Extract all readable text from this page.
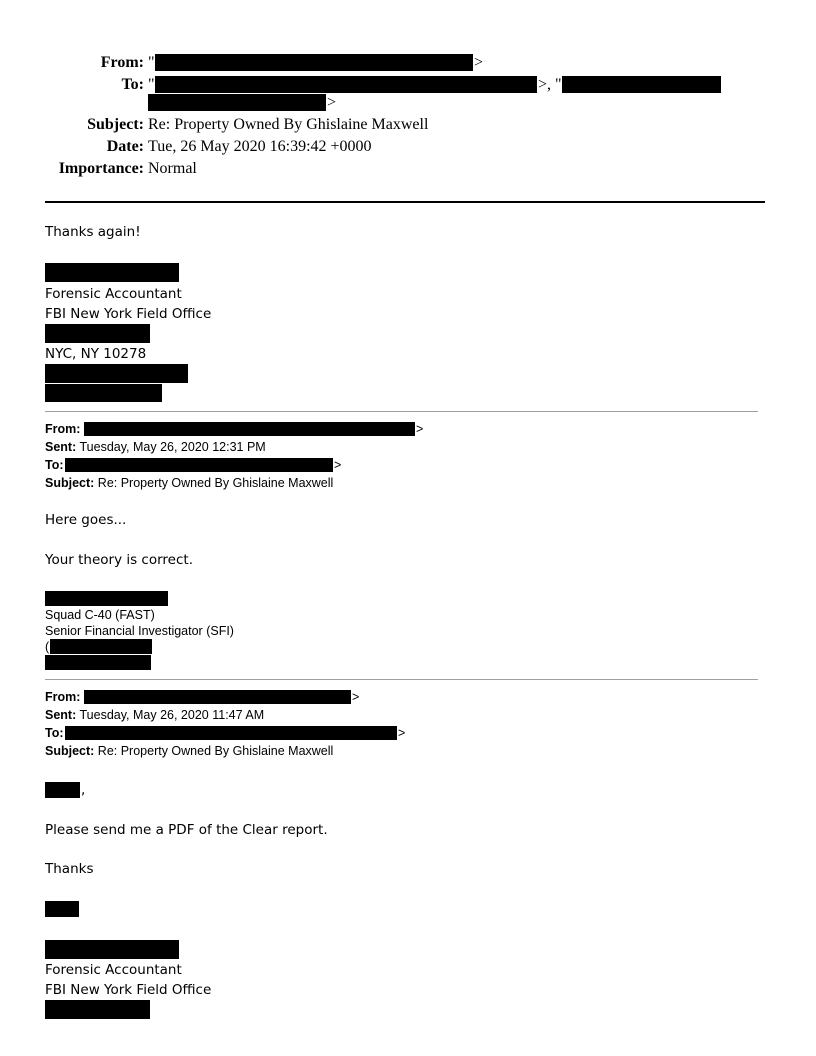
From: "	>
To: "	>, "
>
Subject: Re: Property Owned By Ghislaine Maxwell
Date: Tue, 26 May 2020 16:39:42 +0000
Importance: Normal
Thanks again!
Forensic Accountant
FBI New York Field Office
NYC, NY 10278
From:	>
Sent: Tuesday, May 26, 2020 12:31 PM
To:	>
Subject: Re: Property Owned By Ghislaine Maxwell
Here goes...
Your theory is correct.
Squad C-40 (FAST)
Senior Financial Investigator (SFI)
(
From:	>
Sent: Tuesday, May 26, 2020 11:47 AM
To:	>
Subject: Re: Property Owned By Ghislaine Maxwell
,
Please send me a PDF of the Clear report.
Thanks
Forensic Accountant
FBI New York Field Office
